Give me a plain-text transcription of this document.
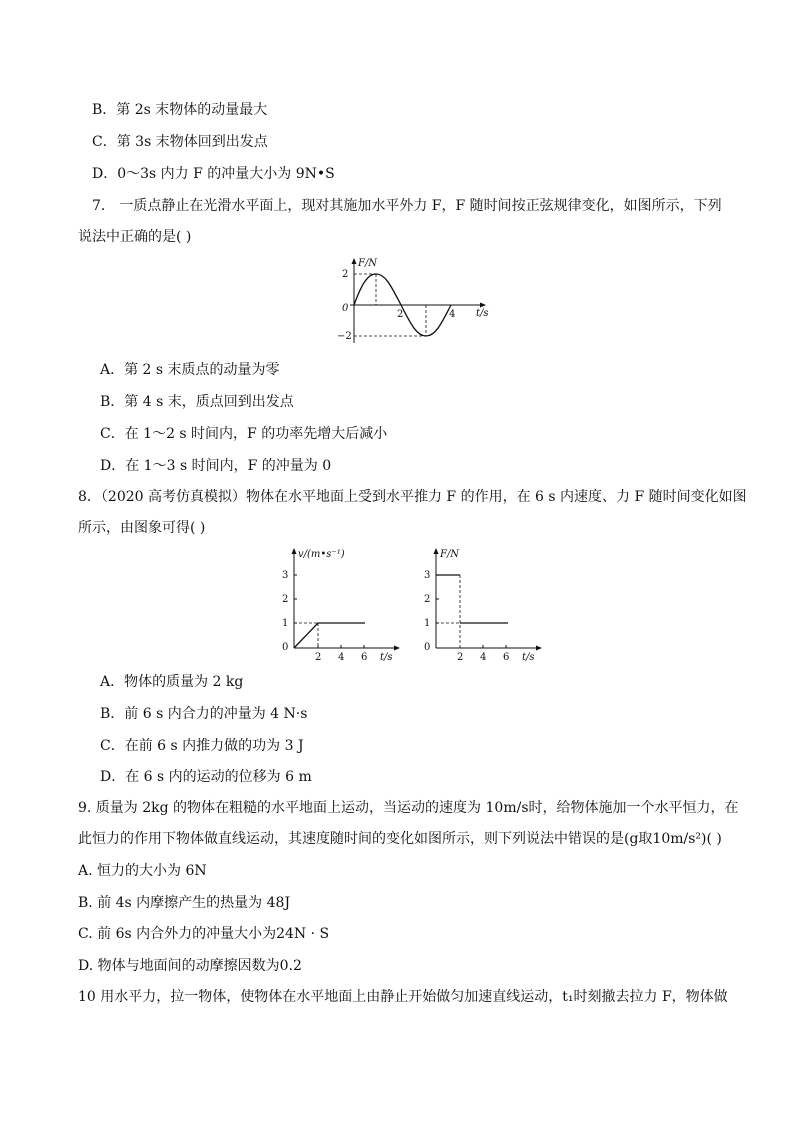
B．第 2s 末物体的动量最大
C．第 3s 末物体回到出发点
D．0～3s 内力 F 的冲量大小为 9N•S
7． 一质点静止在光滑水平面上，现对其施加水平外力 F，F 随时间按正弦规律变化，如图所示，下列
说法中正确的是( )
F/N
2
−2
0
2	4 t/s
A．第 2 s 末质点的动量为零
B．第 4 s 末，质点回到出发点
C．在 1～2 s 时间内，F 的功率先增大后减小
D．在 1～3 s 时间内，F 的冲量为 0
8．（2020 高考仿真模拟）物体在水平地面上受到水平推力 F 的作用，在 6 s 内速度、力 F 随时间变化如图
所示，由图象可得( )
v/(m•s⁻¹)
3
2
1
0
2 4 6 t/s
F/N
3
2
1
0
2 4 6 t/s
A．物体的质量为 2 kg
B．前 6 s 内合力的冲量为 4 N·s
C．在前 6 s 内推力做的功为 3 J
D．在 6 s 内的运动的位移为 6 m
9. 质量为 2kg 的物体在粗糙的水平地面上运动，当运动的速度为 10m/s时，给物体施加一个水平恒力，在
此恒力的作用下物体做直线运动，其速度随时间的变化如图所示，则下列说法中错误的是(g取10m/s²)( )
A. 恒力的大小为 6N
B. 前 4s 内摩擦产生的热量为 48J
C. 前 6s 内合外力的冲量大小为24N · S
D. 物体与地面间的动摩擦因数为0.2
10 用水平力，拉一物体，使物体在水平地面上由静止开始做匀加速直线运动，t₁时刻撤去拉力 F，物体做
